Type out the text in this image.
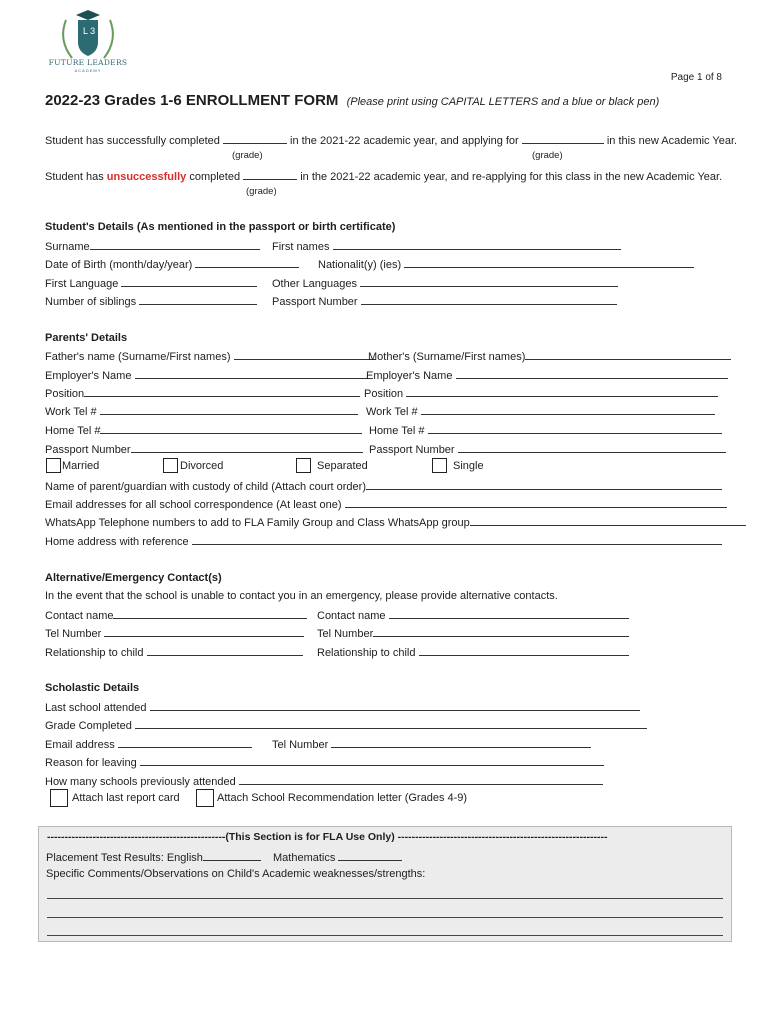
L 3
FUTURE LEADERS
ACADEMY
Page 1 of 8
2022-23 Grades 1-6 ENROLLMENT FORM (Please print using CAPITAL LETTERS and a blue or black pen)
Student has successfully completed	in the 2021-22 academic year, and applying for	in this new Academic Year.
(grade)	(grade)
Student has unsuccessfully completed	in the 2021-22 academic year, and re-applying for this class in the new Academic Year.
(grade)
Student's Details (As mentioned in the passport or birth certificate)
Surname	First names
Date of Birth (month/day/year)	Nationalit(y) (ies)
First Language	Other Languages
Number of siblings	Passport Number
Parents' Details
Father's name (Surname/First names)	Mother's (Surname/First names)
Employer's Name	Employer's Name
Position	Position
Work Tel #	Work Tel #
Home Tel #	Home Tel #
Passport Number	Passport Number
Married	Divorced	Separated	Single
Name of parent/guardian with custody of child (Attach court order)
Email addresses for all school correspondence (At least one)
WhatsApp Telephone numbers to add to FLA Family Group and Class WhatsApp group
Home address with reference
Alternative/Emergency Contact(s)
In the event that the school is unable to contact you in an emergency, please provide alternative contacts.
Contact name	Contact name
Tel Number	Tel Number
Relationship to child	Relationship to child
Scholastic Details
Last school attended
Grade Completed
Email address	Tel Number
Reason for leaving
How many schools previously attended
Attach last report card	Attach School Recommendation letter (Grades 4-9)
---------------------------------------------------(This Section is for FLA Use Only) ------------------------------------------------------------
Placement Test Results: English	Mathematics
Specific Comments/Observations on Child's Academic weaknesses/strengths:
